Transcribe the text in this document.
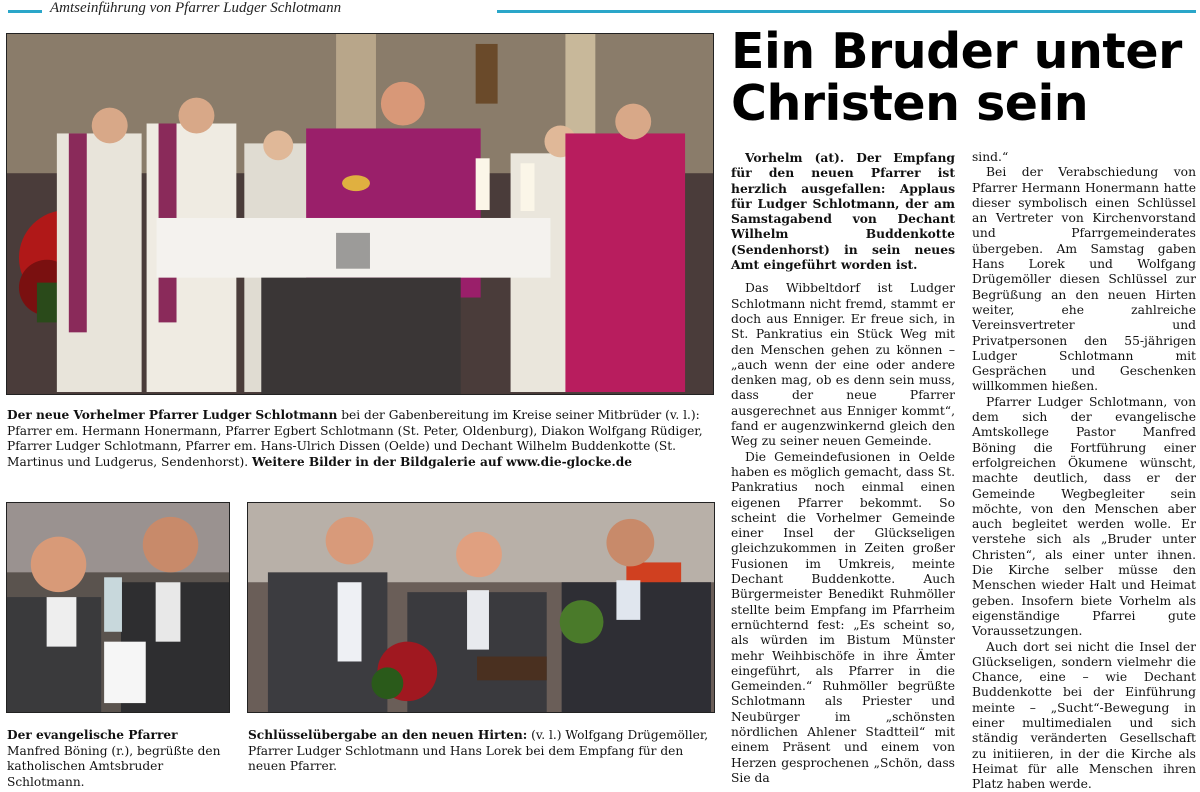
Amtseinführung von Pfarrer Ludger Schlotmann
Der neue Vorhelmer Pfarrer Ludger Schlotmann bei der Gabenbereitung im Kreise seiner Mitbrüder (v. l.): Pfarrer em. Hermann Honermann, Pfarrer Egbert Schlotmann (St. Peter, Oldenburg), Diakon Wolfgang Rüdiger, Pfarrer Ludger Schlotmann, Pfarrer em. Hans-Ulrich Dissen (Oelde) und Dechant Wilhelm Buddenkotte (St. Martinus und Ludgerus, Sendenhorst). Weitere Bilder in der Bildgalerie auf www.die-glocke.de
Der evangelische Pfarrer Manfred Böning (r.), begrüßte den katholischen Amtsbruder Schlotmann.
Schlüsselübergabe an den neuen Hirten: (v. l.) Wolfgang Drügemöller, Pfarrer Ludger Schlotmann und Hans Lorek bei dem Empfang für den neuen Pfarrer.
Ein Bruder unter
Christen sein

Vorhelm (at). Der Empfang für den neuen Pfarrer ist herzlich ausgefallen: Applaus für Ludger Schlotmann, der am Samstagabend von Dechant Wilhelm Buddenkotte (Sendenhorst) in sein neues Amt eingeführt worden ist.

Das Wibbeltdorf ist Ludger Schlotmann nicht fremd, stammt er doch aus Enniger. Er freue sich, in St. Pankratius ein Stück Weg mit den Menschen gehen zu können – „auch wenn der eine oder andere denken mag, ob es denn sein muss, dass der neue Pfarrer ausgerechnet aus Enniger kommt“, fand er augenzwinkernd gleich den Weg zu seiner neuen Gemeinde.

Die Gemeindefusionen in Oelde haben es möglich gemacht, dass St. Pankratius noch einmal einen eigenen Pfarrer bekommt. So scheint die Vorhelmer Gemeinde einer Insel der Glückseligen gleichzukommen in Zeiten großer Fusionen im Umkreis, meinte Dechant Buddenkotte. Auch Bürgermeister Benedikt Ruhmöller stellte beim Empfang im Pfarrheim ernüchternd fest: „Es scheint so, als würden im Bistum Münster mehr Weihbischöfe in ihre Ämter eingeführt, als Pfarrer in die Gemeinden.“ Ruhmöller begrüßte Schlotmann als Priester und Neubürger im „schönsten nördlichen Ahlener Stadtteil“ mit einem Präsent und einem von Herzen gesprochenen „Schön, dass Sie da

sind.“

Bei der Verabschiedung von Pfarrer Hermann Honermann hatte dieser symbolisch einen Schlüssel an Vertreter von Kirchenvorstand und Pfarrgemeinderates übergeben. Am Samstag gaben Hans Lorek und Wolfgang Drügemöller diesen Schlüssel zur Begrüßung an den neuen Hirten weiter, ehe zahlreiche Vereinsvertreter und Privatpersonen den 55-jährigen Ludger Schlotmann mit Gesprächen und Geschenken willkommen hießen.

Pfarrer Ludger Schlotmann, von dem sich der evangelische Amtskollege Pastor Manfred Böning die Fortführung einer erfolgreichen Ökumene wünscht, machte deutlich, dass er der Gemeinde Wegbegleiter sein möchte, von den Menschen aber auch begleitet werden wolle. Er verstehe sich als „Bruder unter Christen“, als einer unter ihnen. Die Kirche selber müsse den Menschen wieder Halt und Heimat geben. Insofern biete Vorhelm als eigenständige Pfarrei gute Voraussetzungen.

Auch dort sei nicht die Insel der Glückseligen, sondern vielmehr die Chance, eine – wie Dechant Buddenkotte bei der Einführung meinte – „Sucht“-Bewegung in einer multimedialen und sich ständig veränderten Gesellschaft zu initiieren, in der die Kirche als Heimat für alle Menschen ihren Platz haben werde.
